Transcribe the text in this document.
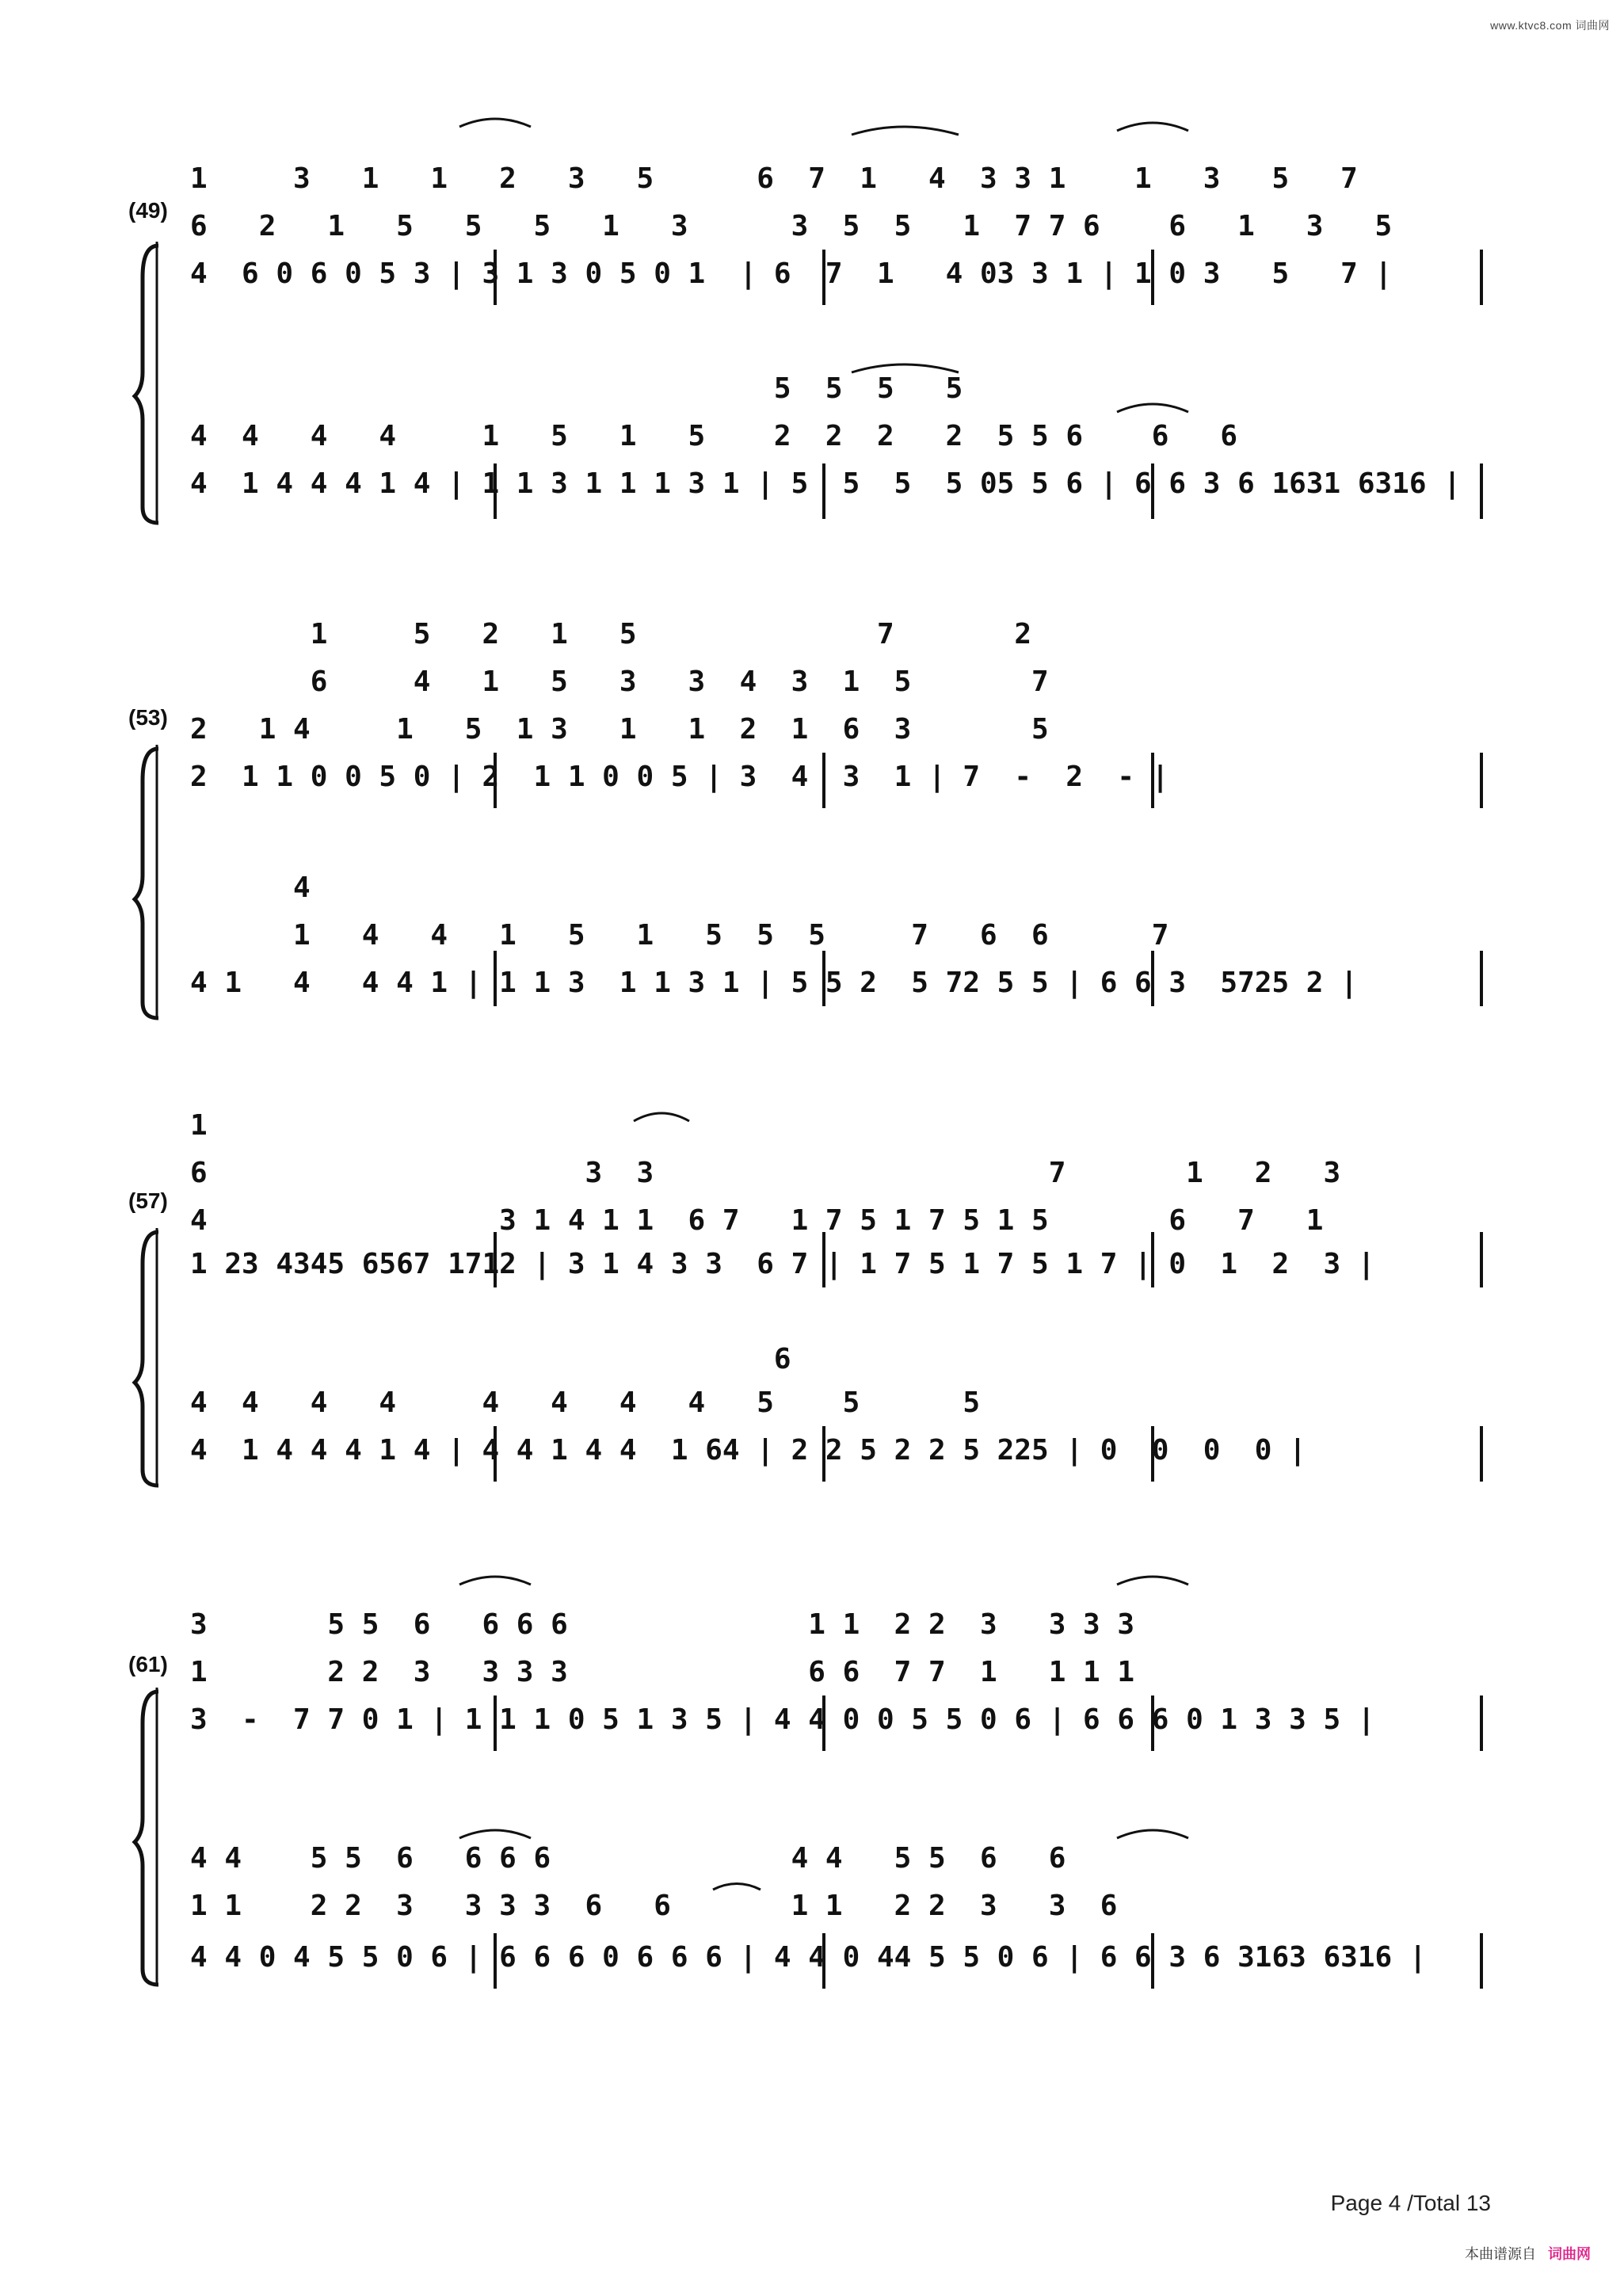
www.ktvc8.com 词曲网
(49)
1     3   1   1   2   3   5      6  7  1   4  3 3 1    1   3   5   7
6   2   1   5   5   5   1   3      3  5  5   1  7 7 6    6   1   3   5
4  6 0 6 0 5 3 | 3 1 3 0 5 0 1  | 6  7  1   4 03 3 1 | 1 0 3   5   7 |
5  5  5   5
4  4   4   4     1   5   1   5    2  2  2   2  5 5 6    6   6
4  1 4 4 4 1 4 | 1 1 3 1 1 1 3 1 | 5  5  5  5 05 5 6 | 6 6 3 6 1631 6316 |
(53)
1     5   2   1   5              7       2
6     4   1   5   3   3  4  3  1  5       7
2   1 4     1   5  1 3   1   1  2  1  6  3       5
2  1 1 0 0 5 0 | 2  1 1 0 0 5 | 3  4  3  1 | 7  -  2  - |
4
1   4   4   1   5   1   5  5  5     7   6  6      7
4 1   4   4 4 1 | 1 1 3  1 1 3 1 | 5 5 2  5 72 5 5 | 6 6 3  5725 2 |
(57)
1
6                      3  3                       7       1   2   3
4                 3 1 4 1 1  6 7   1 7 5 1 7 5 1 5       6   7   1
1 23 4345 6567 1712 | 3 1 4 3 3  6 7 | 1 7 5 1 7 5 1 7 | 0  1  2  3 |
6
4  4   4   4     4   4   4   4   5    5      5
4  1 4 4 4 1 4 | 4 4 1 4 4  1 64 | 2 2 5 2 2 5 225 | 0  0  0  0 |
(61)
3       5 5  6   6 6 6              1 1  2 2  3   3 3 3
1       2 2  3   3 3 3              6 6  7 7  1   1 1 1
3  -  7 7 0 1 | 1 1 1 0 5 1 3 5 | 4 4 0 0 5 5 0 6 | 6 6 6 0 1 3 3 5 |
4 4    5 5  6   6 6 6              4 4   5 5  6   6
1 1    2 2  3   3 3 3  6   6       1 1   2 2  3   3  6
4 4 0 4 5 5 0 6 | 6 6 6 0 6 6 6 | 4 4 0 44 5 5 0 6 | 6 6 3 6 3163 6316 |
Page 4 /Total 13
本曲谱源自 词曲网
